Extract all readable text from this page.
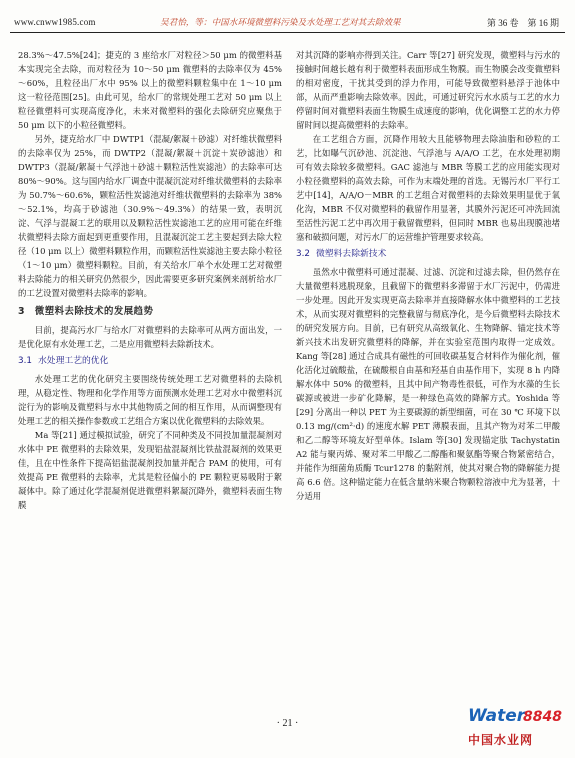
www.cnww1985.com	吴君怡，等：中国水环境微塑料污染及水处理工艺对其去除效果	第 36 卷　第 16 期

28.3%～47.5%[24]；捷克的 3 座给水厂对粒径＞50 μm 的微塑料基本实现完全去除，而对粒径为 10～50 μm 微塑料的去除率仅为 45%～60%，且粒径出厂水中 95% 以上的微塑料颗粒集中在 1～10 μm 这一粒径范围[25]。由此可见，给水厂的常规处理工艺对 50 μm 以上粒径微塑料可实现高度净化，未来对微塑料的强化去除研究应聚焦于 50 μm 以下的小粒径微塑料。

另外，捷克给水厂中 DWTP1（混凝/絮凝＋砂滤）对纤维状微塑料的去除率仅为 25%，而 DWTP2（混凝/絮凝＋沉淀＋炭砂滤池）和 DWTP3（混凝/絮凝＋气浮池＋砂滤＋颗粒活性炭滤池）的去除率可达 80%～90%。这与国内给水厂调查中混凝沉淀对纤维状微塑料的去除率为 50.7%～60.6%，颗粒活性炭滤池对纤维状微塑料的去除率为 38%～52.1%，均高于砂滤池（30.9%～49.3%）的结果一致，表明沉淀、气浮与混凝工艺的联用以及颗粒活性炭滤池工艺的应用可能在纤维状微塑料去除方面起到更重要作用，且混凝沉淀工艺主要起到去除大粒径（10 μm 以上）微塑料颗粒作用，而颗粒活性炭滤池主要去除小粒径（1～10 μm）微塑料颗粒。目前，有关给水厂单个水处理工艺对微塑料去除能力的相关研究仍然很少，因此需要更多研究案例来剖析给水厂的工艺设置对微塑料去除率的影响。

3　微塑料去除技术的发展趋势

目前，提高污水厂与给水厂对微塑料的去除率可从两方面出发，一是优化原有水处理工艺，二是应用微塑料去除新技术。

3.1 水处理工艺的优化

水处理工艺的优化研究主要围绕传统处理工艺对微塑料的去除机理，从稳定性、物理和化学作用等方面预测水处理工艺对水中微塑料沉淀行为的影响及微塑料与水中其他物质之间的相互作用，从而调整现有处理工艺的相关操作参数或工艺组合方案以优化微塑料的去除效果。

Ma 等[21] 通过模拟试验，研究了不同种类及不同投加量混凝剂对水体中 PE 微塑料的去除效果，发现铝盐混凝剂比铁盐混凝剂的效果更佳，且在中性条件下提高铝盐混凝剂投加量并配合 PAM 的使用，可有效提高 PE 微塑料的去除率，尤其是粒径偏小的 PE 颗粒更易吸附于絮凝体中。除了通过化学混凝剂促进微塑料絮凝沉降外，微塑料表面生物膜

对其沉降的影响亦得到关注。Carr 等[27] 研究发现，微塑料与污水的接触时间越长越有利于微塑料表面形成生物膜。而生物膜会改变微塑料的相对密度，干扰其受到的浮力作用，可能导致微塑料悬浮于池体中部，从而严重影响去除效率。因此，可通过研究污水水质与工艺的水力停留时间对微塑料表面生物膜生成速度的影响，优化调整工艺的水力停留时间以提高微塑料的去除率。

在工艺组合方面，沉降作用较大且能够物理去除油脂和砂粒的工艺，比如曝气沉砂池、沉淀池、气浮池与 A/A/O 工艺，在水处理初期可有效去除较多微塑料。GAC 滤池与 MBR 等膜工艺的应用能实现对小粒径微塑料的高效去除，可作为末端处理的首选。无锡污水厂平行工艺中[14]，A/A/O－MBR 的工艺组合对微塑料的去除效果明显优于氧化沟，MBR 不仅对微塑料的截留作用显著，其膜外污泥还可冲洗回流至活性污泥工艺中再次用于截留微塑料，但同时 MBR 也易出现膜池堵塞和破损问题，对污水厂的运营维护管理要求较高。

3.2 微塑料去除新技术

虽然水中微塑料可通过混凝、过滤、沉淀和过滤去除，但仍然存在大量微塑料逃脱现象，且截留下的微塑料多滞留于水厂污泥中，仍需进一步处理。因此开发实现更高去除率并直接降解水体中微塑料的工艺技术，从而实现对微塑料的完整截留与彻底净化，是今后微塑料去除技术的研究发展方向。目前，已有研究从高级氧化、生物降解、锚定技术等新兴技术出发研究微塑料的降解，并在实验室范围内取得一定成效。Kang 等[28] 通过合成具有磁性的可回收碳基复合材料作为催化剂，催化活化过硫酸盐，在硫酸根自由基和羟基自由基作用下，实现 8 h 内降解水体中 50% 的微塑料，且其中间产物毒性很低，可作为水藻的生长碳源或被进一步矿化降解，是一种绿色高效的降解方式。Yoshida 等[29] 分离出一种以 PET 为主要碳源的新型细菌，可在 30 ℃ 环境下以 0.13 mg/(cm²·d) 的速度水解 PET 薄膜表面，且其产物为对苯二甲酸和乙二醇等环境友好型单体。Islam 等[30] 发现锚定肽 Tachystatin A2 能与聚丙烯、聚对苯二甲酸乙二醇酯和聚氨酯等聚合物紧密结合，并能作为细菌角质酶 Tcur1278 的黏附剂，使其对聚合物的降解能力提高 6.6 倍。这种锚定能力在低含量纳米聚合物颗粒溶液中尤为显著，十分适用

· 21 ·	Water
8848
中国水业网
